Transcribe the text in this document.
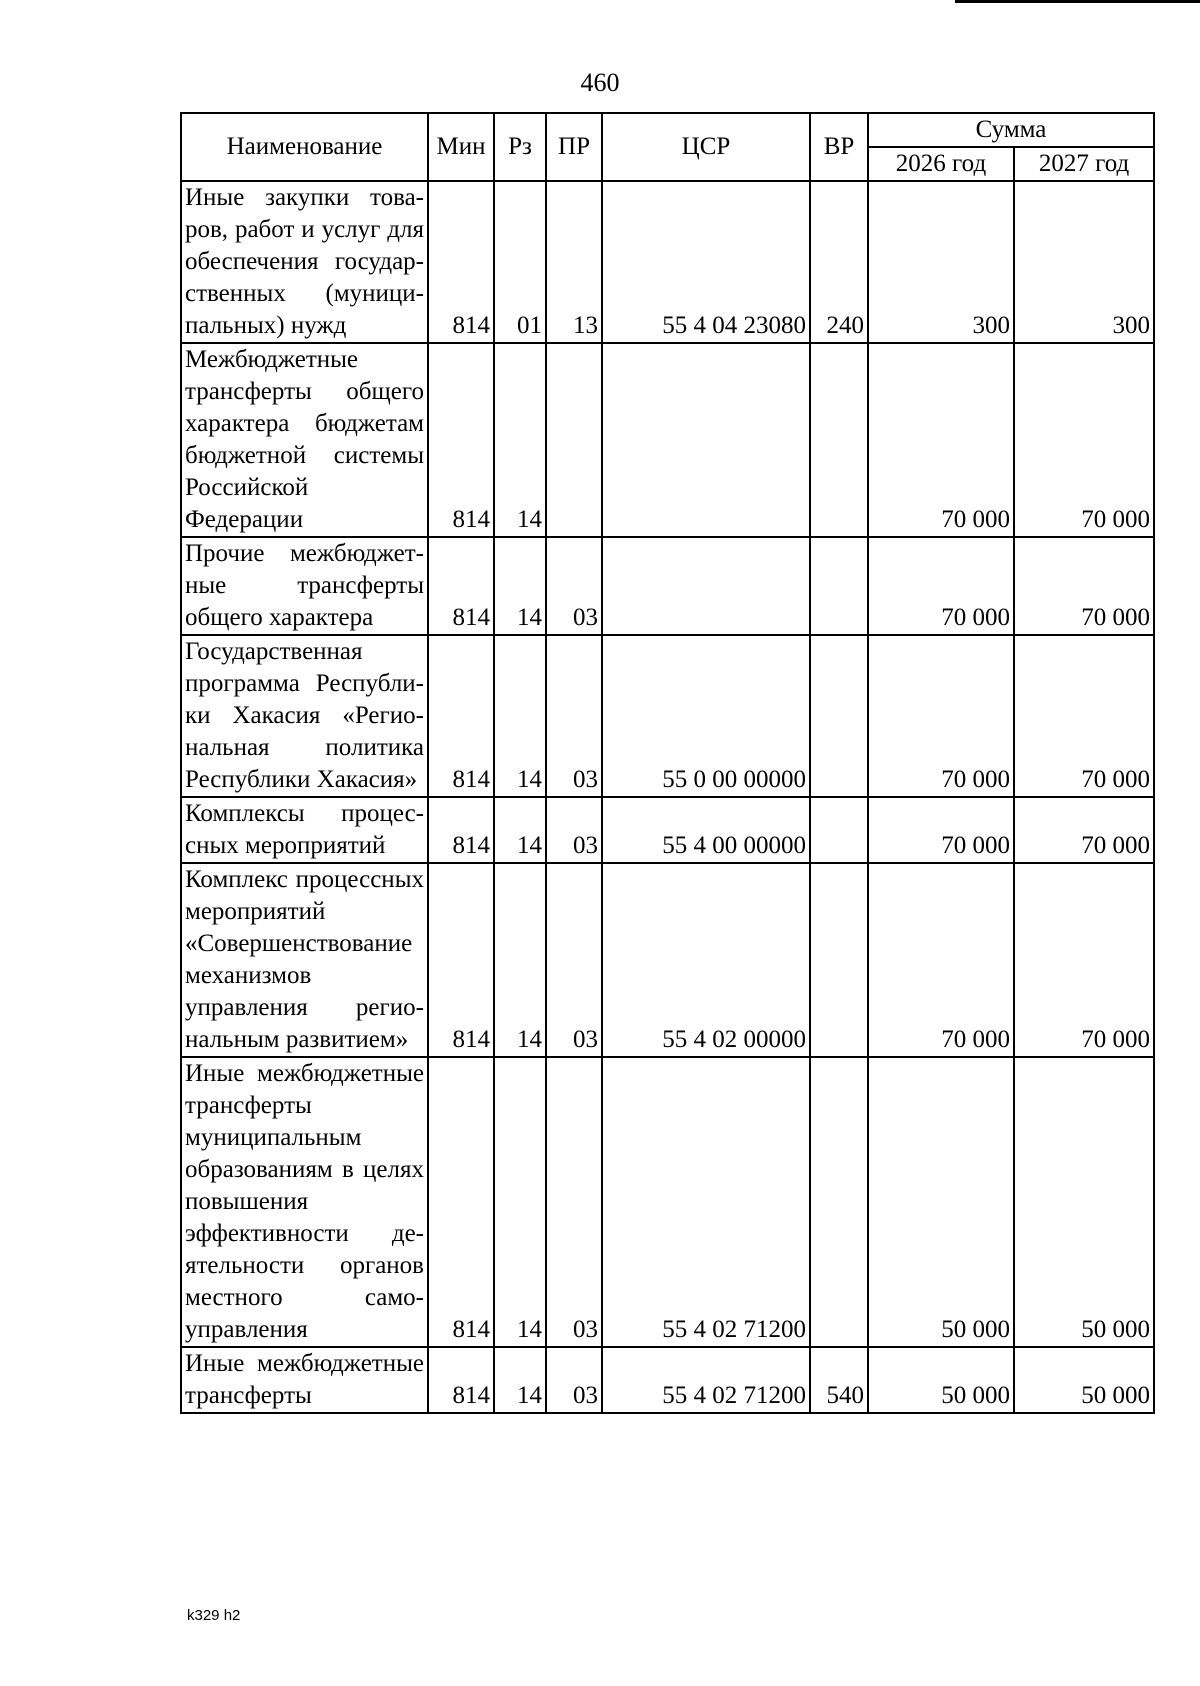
460
Наименование	Мин	Рз	ПР	ЦСР	ВР	Сумма	
						2026 год	2027 год
Иные закупки товаров, работ и услуг для обеспечения государственных (муниципальных) нужд	814	01	13	55 4 04 23080	240	300	300
Межбюджетные трансферты общего характера бюджетам бюджетной системы Российской Федерации	814	14				70 000	70 000
Прочие межбюджетные трансферты общего характера	814	14	03			70 000	70 000
Государственная программа Республики Хакасия «Региональная политика Республики Хакасия»	814	14	03	55 0 00 00000		70 000	70 000
Комплексы процессных мероприятий	814	14	03	55 4 00 00000		70 000	70 000
Комплекс процессных мероприятий «Совершенствование механизмов управления региональным развитием»	814	14	03	55 4 02 00000		70 000	70 000
Иные межбюджетные трансферты муниципальным образованиям в целях повышения эффективности деятельности органов местного самоуправления	814	14	03	55 4 02 71200		50 000	50 000
Иные межбюджетные трансферты	814	14	03	55 4 02 71200	540	50 000	50 000
k329 h2
